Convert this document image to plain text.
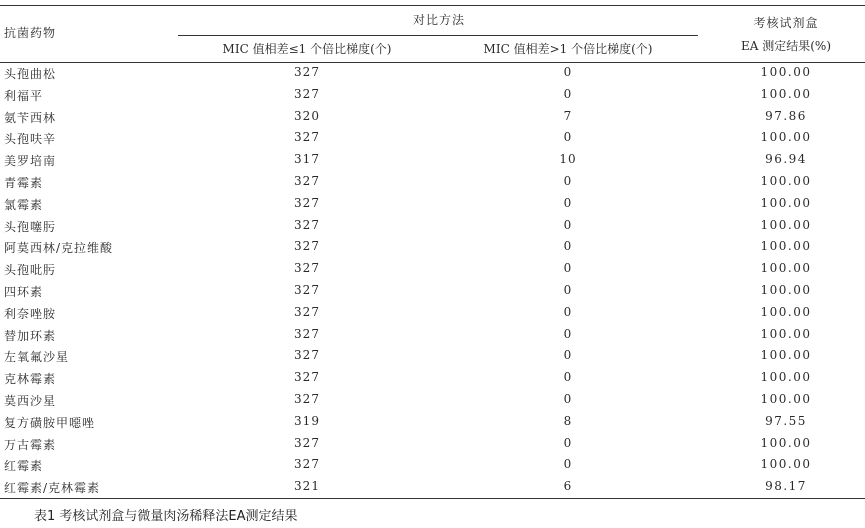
抗菌药物
对比方法
MIC 值相差≤1 个倍比梯度(个)	MIC 值相差>1 个倍比梯度(个)
考核试剂盒
EA 测定结果(%)
头孢曲松	327	0	100.00
利福平	327	0	100.00
氨苄西林	320	7	97.86
头孢呋辛	327	0	100.00
美罗培南	317	10	96.94
青霉素	327	0	100.00
氯霉素	327	0	100.00
头孢噻肟	327	0	100.00
阿莫西林/克拉维酸	327	0	100.00
头孢吡肟	327	0	100.00
四环素	327	0	100.00
利奈唑胺	327	0	100.00
替加环素	327	0	100.00
左氧氟沙星	327	0	100.00
克林霉素	327	0	100.00
莫西沙星	327	0	100.00
复方磺胺甲噁唑	319	8	97.55
万古霉素	327	0	100.00
红霉素	327	0	100.00
红霉素/克林霉素	321	6	98.17
表1 考核试剂盒与微量肉汤稀释法EA测定结果
